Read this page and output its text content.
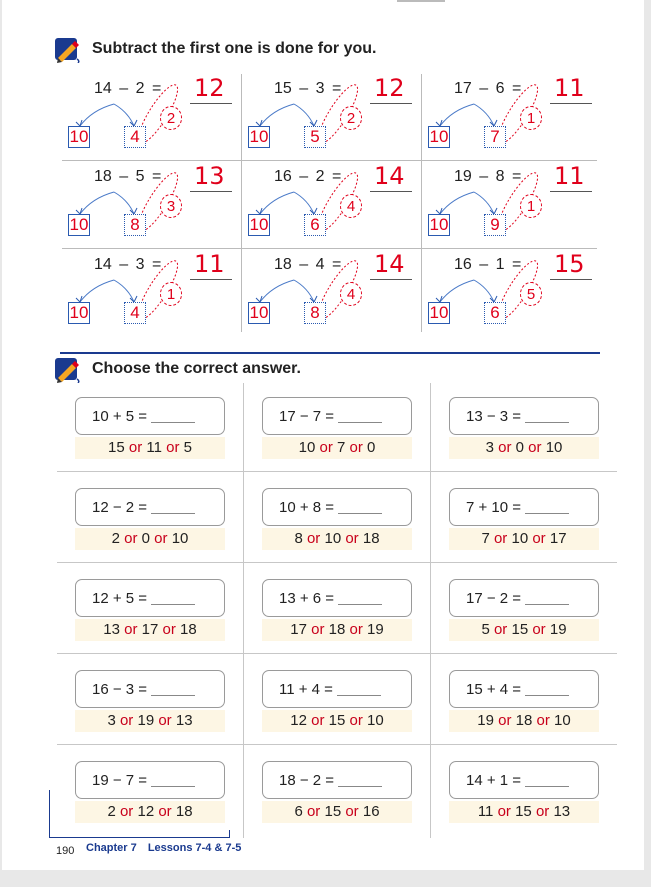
Subtract the first one is done for you.
14 – 2 = 12
10	4
2
15 – 3 = 12
10	5
2
17 – 6 = 11
10	7
1
18 – 5 = 13
10	8
3
16 – 2 = 14
10	6
4
19 – 8 = 11
10	9
1
14 – 3 = 11
10	4
1
18 – 4 = 14
10	8
4
16 – 1 = 15
10	6
5
Choose the correct answer.
10 + 5 =
15 or 11 or 5
17 − 7 =
10 or 7 or 0
13 − 3 =
3 or 0 or 10
12 − 2 =
2 or 0 or 10
10 + 8 =
8 or 10 or 18
7 + 10 =
7 or 10 or 17
12 + 5 =
13 or 17 or 18
13 + 6 =
17 or 18 or 19
17 − 2 =
5 or 15 or 19
16 − 3 =
3 or 19 or 13
11 + 4 =
12 or 15 or 10
15 + 4 =
19 or 18 or 10
19 − 7 =
2 or 12 or 18
18 − 2 =
6 or 15 or 16
14 + 1 =
11 or 15 or 13
190 Chapter 7 Lessons 7-4 & 7-5
